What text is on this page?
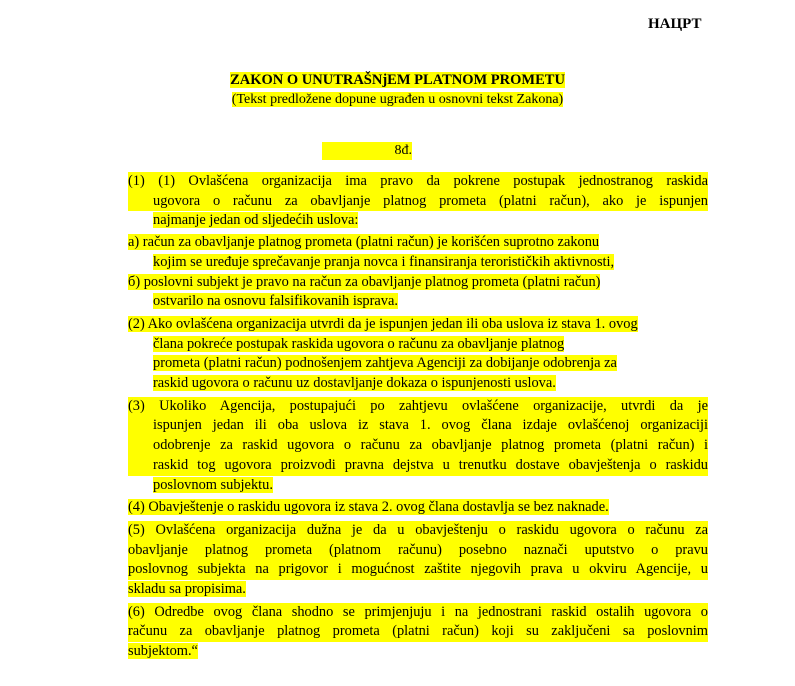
НАЦРТ
ZAKON O UNUTRAŠNjEM PLATNOM PROMETU
(Tekst predložene dopune ugrađen u osnovni tekst Zakona)
8đ.
(1) (1) Ovlašćena organizacija ima pravo da pokrene postupak jednostranog raskida
ugovora o računu za obavljanje platnog prometa (platni račun), ako je ispunjen
najmanje jedan od sljedećih uslova:
a) račun za obavljanje platnog prometa (platni račun) je korišćen suprotno zakonu
kojim se uređuje sprečavanje pranja novca i finansiranja terorističkih aktivnosti,
б) poslovni subjekt je pravo na račun za obavljanje platnog prometa (platni račun)
ostvarilo na osnovu falsifikovanih isprava.
(2) Ako ovlašćena organizacija utvrdi da je ispunjen jedan ili oba uslova iz stava 1. ovog
člana pokreće postupak raskida ugovora o računu za obavljanje platnog
prometa (platni račun) podnošenjem zahtjeva Agenciji za dobijanje odobrenja za
raskid ugovora o računu uz dostavljanje dokaza o ispunjenosti uslova.
(3) Ukoliko Agencija, postupajući po zahtjevu ovlašćene organizacije, utvrdi da je
ispunjen jedan ili oba uslova iz stava 1. ovog člana izdaje ovlašćenoj organizaciji
odobrenje za raskid ugovora o računu za obavljanje platnog prometa (platni račun) i
raskid tog ugovora proizvodi pravna dejstva u trenutku dostave obavještenja o raskidu
poslovnom subjektu.
(4) Obavještenje o raskidu ugovora iz stava 2. ovog člana dostavlja se bez naknade.
(5) Ovlašćena organizacija dužna je da u obavještenju o raskidu ugovora o računu za
obavljanje platnog prometa (platnom računu) posebno naznači uputstvo o pravu
poslovnog subjekta na prigovor i mogućnost zaštite njegovih prava u okviru Agencije, u
skladu sa propisima.
(6) Odredbe ovog člana shodno se primjenjuju i na jednostrani raskid ostalih ugovora o
računu za obavljanje platnog prometa (platni račun) koji su zaključeni sa poslovnim
subjektom.“
